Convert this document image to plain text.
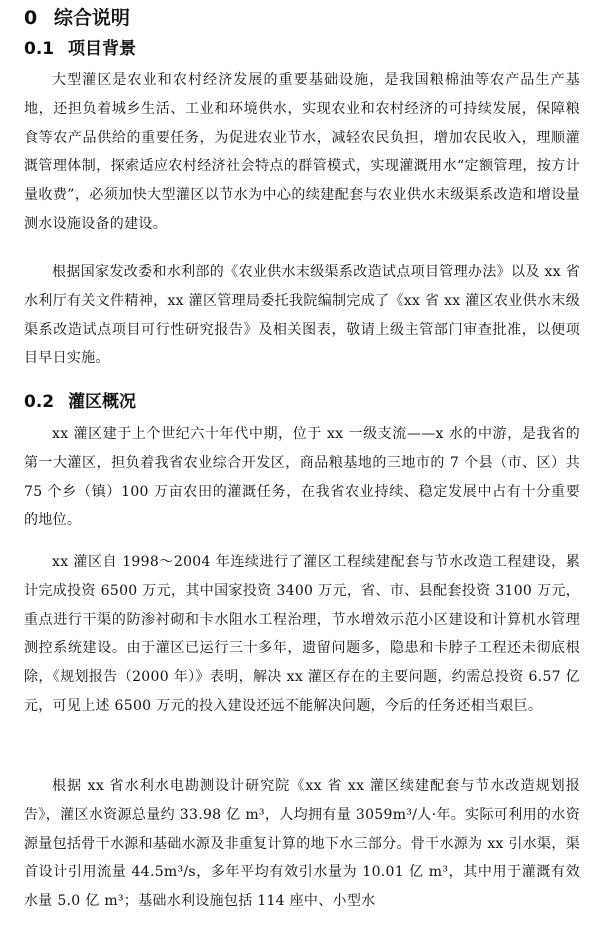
0 综合说明
0.1 项目背景

大型灌区是农业和农村经济发展的重要基础设施，是我国粮棉油等农产品生产基地，还担负着城乡生活、工业和环境供水，实现农业和农村经济的可持续发展，保障粮食等农产品供给的重要任务，为促进农业节水，减轻农民负担，增加农民收入，理顺灌溉管理体制，探索适应农村经济社会特点的群管模式，实现灌溉用水“定额管理，按方计量收费”，必须加快大型灌区以节水为中心的续建配套与农业供水末级渠系改造和增设量测水设施设备的建设。

根据国家发改委和水利部的《农业供水末级渠系改造试点项目管理办法》以及 xx 省水利厅有关文件精神，xx 灌区管理局委托我院编制完成了《xx 省 xx 灌区农业供水末级渠系改造试点项目可行性研究报告》及相关图表，敬请上级主管部门审查批准，以便项目早日实施。

0.2 灌区概况

xx 灌区建于上个世纪六十年代中期，位于 xx 一级支流——x 水的中游，是我省的第一大灌区，担负着我省农业综合开发区，商品粮基地的三地市的 7 个县（市、区）共 75 个乡（镇）100 万亩农田的灌溉任务，在我省农业持续、稳定发展中占有十分重要的地位。

xx 灌区自 1998～2004 年连续进行了灌区工程续建配套与节水改造工程建设，累计完成投资 6500 万元，其中国家投资 3400 万元，省、市、县配套投资 3100 万元，重点进行干渠的防渗衬砌和卡水阻水工程治理，节水增效示范小区建设和计算机水管理测控系统建设。由于灌区已运行三十多年，遗留问题多，隐患和卡脖子工程还未彻底根除，《规划报告（2000 年）》表明，解决 xx 灌区存在的主要问题，约需总投资 6.57 亿元，可见上述 6500 万元的投入建设还远不能解决问题，今后的任务还相当艰巨。

根据 xx 省水利水电勘测设计研究院《xx 省 xx 灌区续建配套与节水改造规划报告》，灌区水资源总量约 33.98 亿 m³，人均拥有量 3059m³/人·年。实际可利用的水资源量包括骨干水源和基础水源及非重复计算的地下水三部分。骨干水源为 xx 引水渠，渠首设计引用流量 44.5m³/s，多年平均有效引水量为 10.01 亿 m³，其中用于灌溉有效水量 5.0 亿 m³；基础水利设施包括 114 座中、小型水
